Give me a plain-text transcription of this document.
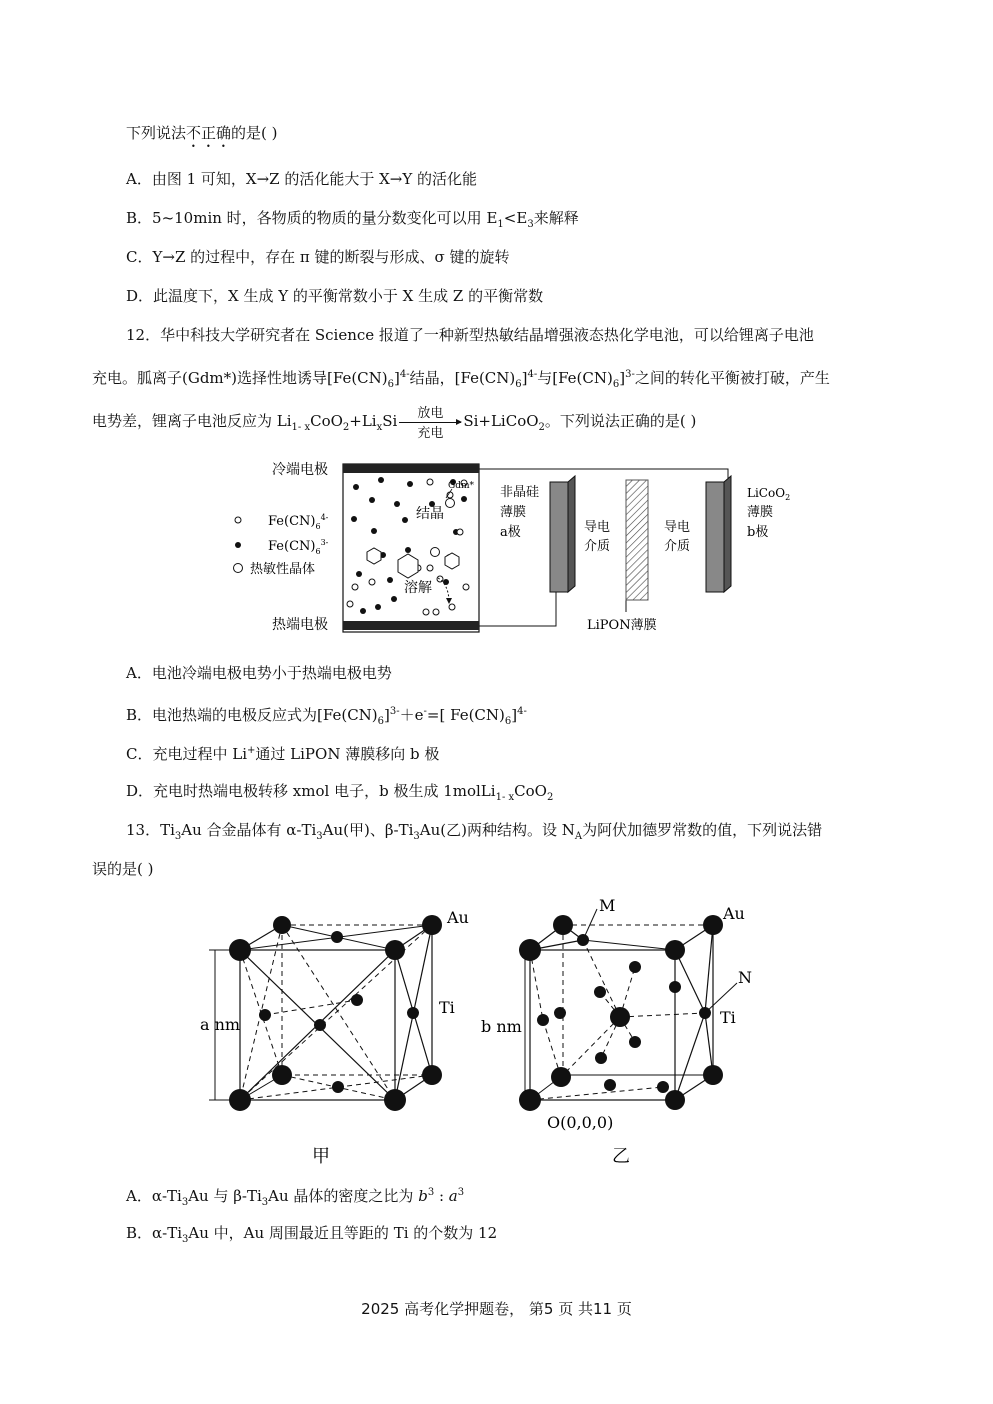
下列说法不正确的是( )
A．由图 1 可知，X→Z 的活化能大于 X→Y 的活化能
B．5~10min 时，各物质的物质的量分数变化可以用 $E_1<E_3$来解释
C．Y→Z 的过程中，存在 π 键的断裂与形成、σ 键的旋转
D．此温度下，X 生成 Y 的平衡常数小于 X 生成 Z 的平衡常数
12．华中科技大学研究者在 Science 报道了一种新型热敏结晶增强液态热化学电池，可以给锂离子电池
充电。胍离子(Gdm*)选择性地诱导$[Fe(CN)_6]^{4-}$结晶，$[Fe(CN)_6]^{4-}$与$[Fe(CN)_6]^{3-}$之间的转化平衡被打破，产生
电势差，锂离子电池反应为 $Li_{1- x}CoO_2+Li_xSi \frac{\text{放电}}{\text{充电}}$ Si+LiCoO$_2$。下列说法正确的是( )
冷端电极
热端电极	LiPON薄膜
非晶硅
薄膜
a极	导电
介质
导电
介质
LiCoO$_2$
薄膜
b极
Gdm*
结晶
溶解
$Fe(CN)_6^{4-}$
$Fe(CN)_6^{3-}$
热敏性晶体
A．电池冷端电极电势小于热端电极电势
B．电池热端的电极反应式为$[Fe(CN)_6]^{3-}+e^-=$[ $Fe(CN)_6]^{4-}$
C．充电过程中 Li+通过 LiPON 薄膜移向 b 极
D．充电时热端电极转移 xmol 电子，b 极生成 1molLi$_{1- x}$CoO$_2$
13．$Ti_3Au$ 合金晶体有 $\alpha-Ti_3Au$(甲)、$\beta-Ti_3Au$(乙)两种结构。设 $N_A$为阿伏加德罗常数的值，下列说法错
误的是( )
a nm
Au
Ti
甲
M	Au
N
Ti
b nm
O(0,0,0)
乙
A．$\alpha-Ti_3Au$ 与 $\beta-Ti_3Au$ 晶体的密度之比为 $b^3$ : $a^3$
B．$\alpha-Ti_3Au$ 中，Au 周围最近且等距的 Ti 的个数为 12
2025 高考化学押题卷， 第5 页 共11 页
